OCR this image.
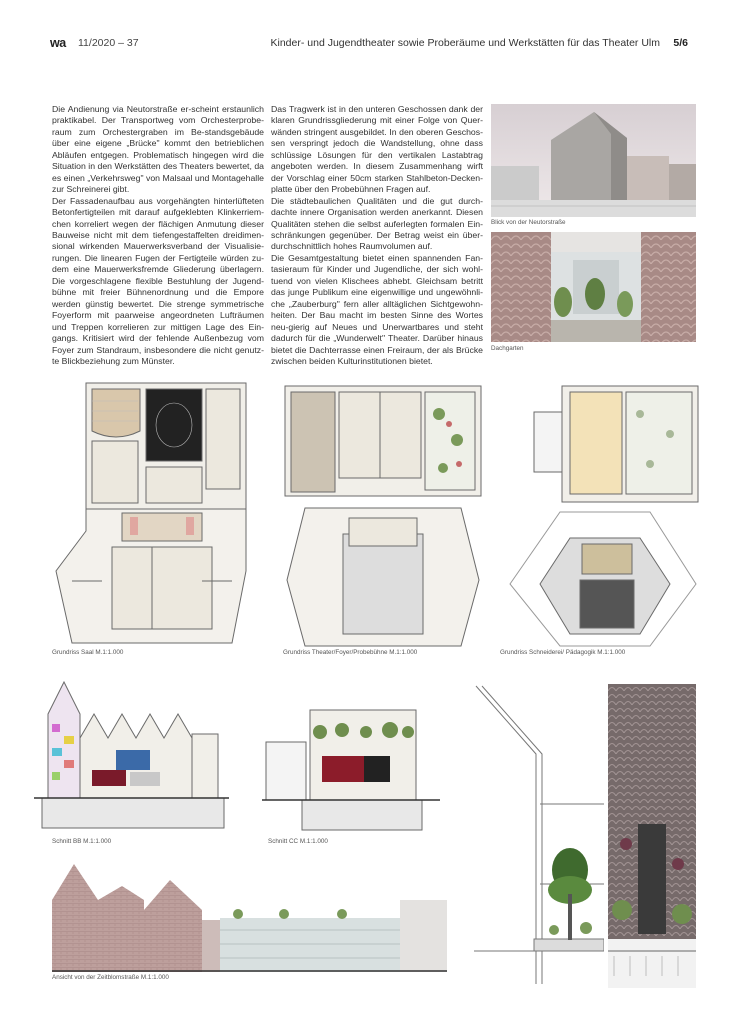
wa 11/2020 – 37	Kinder- und Jugendtheater sowie Proberäume und Werkstätten für das Theater Ulm 5/6

Die Andienung via Neutorstraße er-scheint erstaunlich praktikabel. Der Transportweg vom Orchesterprobe-raum zum Orchestergraben im Be-standsgebäude über eine eigene „Brücke" kommt den betrieblichen Abläufen entgegen. Problematisch hingegen wird die Situation in den Werkstätten des Theaters bewertet, da es einen „Verkehrsweg" von Malsaal und Montagehalle zur Schreinerei gibt.

Der Fassadenaufbau aus vorgehängten hinterlüfteten Betonfertigteilen mit darauf aufgeklebten Klinkerriem-chen korreliert wegen der flächigen Anmutung dieser Bauweise nicht mit dem tiefengestaffelten dreidimen-sional wirkenden Mauerwerksverband der Visualisie-rungen. Die linearen Fugen der Fertigteile würden zu-dem eine Mauerwerksfremde Gliederung überlagern. Die vorgeschlagene flexible Bestuhlung der Jugend-bühne mit freier Bühnenordnung und die Empore werden günstig bewertet. Die strenge symmetrische Foyerform mit paarweise angeordneten Lufträumen und Treppen korrelieren zur mittigen Lage des Ein-gangs. Kritisiert wird der fehlende Außenbezug vom Foyer zum Standraum, insbesondere die nicht genutz-te Blickbeziehung zum Münster.

Das Tragwerk ist in den unteren Geschossen dank der klaren Grundrissgliederung mit einer Folge von Quer-wänden stringent ausgebildet. In den oberen Geschos-sen verspringt jedoch die Wandstellung, ohne dass schlüssige Lösungen für den vertikalen Lastabtrag angeboten werden. In diesem Zusammenhang wirft der Vorschlag einer 50cm starken Stahlbeton-Decken-platte über den Probebühnen Fragen auf.

Die städtebaulichen Qualitäten und die gut durch-dachte innere Organisation werden anerkannt. Diesen Qualitäten stehen die selbst auferlegten formalen Ein-schränkungen gegenüber. Der Betrag weist ein über-durchschnittlich hohes Raumvolumen auf.

Die Gesamtgestaltung bietet einen spannenden Fan-tasieraum für Kinder und Jugendliche, der sich wohl-tuend von vielen Klischees abhebt. Gleichsam betritt das junge Publikum eine eigenwillige und ungewöhnli-che „Zauberburg" fern aller alltäglichen Sichtgewohn-heiten. Der Bau macht im besten Sinne des Wortes neu-gierig auf Neues und Unerwartbares und steht dadurch für die „Wunderwelt" Theater. Darüber hinaus bietet die Dachterrasse einen Freiraum, der als Brücke zwischen beiden Kulturinstitutionen bietet.

Blick von der Neutorstraße
Dachgarten
Grundriss Saal M.1:1.000	Grundriss Theater/Foyer/Probebühne M.1:1.000	Grundriss Schneiderei/ Pädagogik M.1:1.000
Schnitt BB M.1:1.000	Schnitt CC M.1:1.000
Ansicht von der Zeitblomstraße M.1:1.000
